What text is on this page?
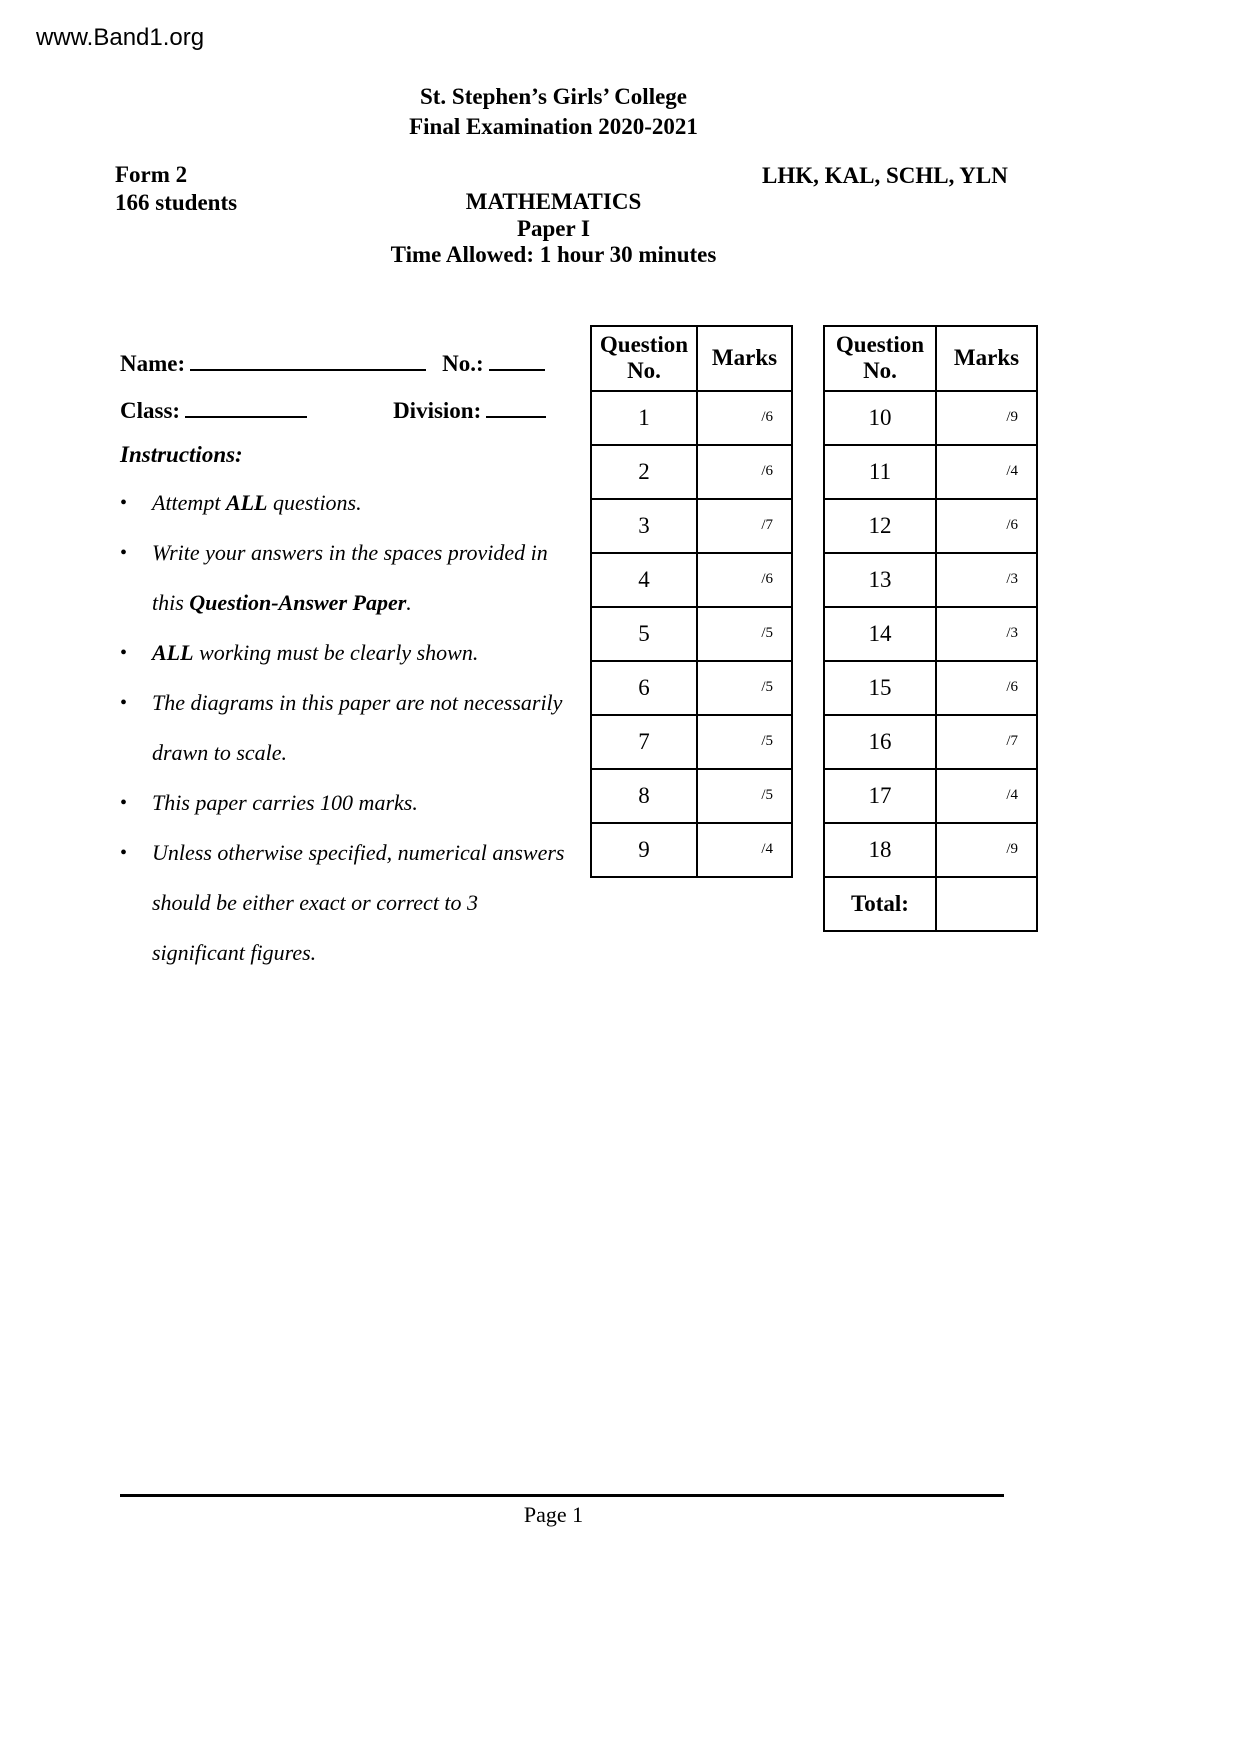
www.Band1.org
St. Stephen’s Girls’ College
Final Examination 2020-2021
Form 2
166 students
LHK, KAL, SCHL, YLN
MATHEMATICS
Paper I
Time Allowed: 1 hour 30 minutes
Name:	No.:
Class:	Division:
Instructions:
•	Attempt ALL questions.
•	Write your answers in the spaces provided in this Question-Answer Paper.
•	ALL working must be clearly shown.
•	The diagrams in this paper are not necessarily drawn to scale.
•	This paper carries 100 marks.
•	Unless otherwise specified, numerical answers should be either exact or correct to 3 significant figures.
Question No.	Marks
1	/6
2	/6
3	/7
4	/6
5	/5
6	/5
7	/5
8	/5
9	/4
Question No.	Marks
10	/9
11	/4
12	/6
13	/3
14	/3
15	/6
16	/7
17	/4
18	/9
Total:	
Page 1
